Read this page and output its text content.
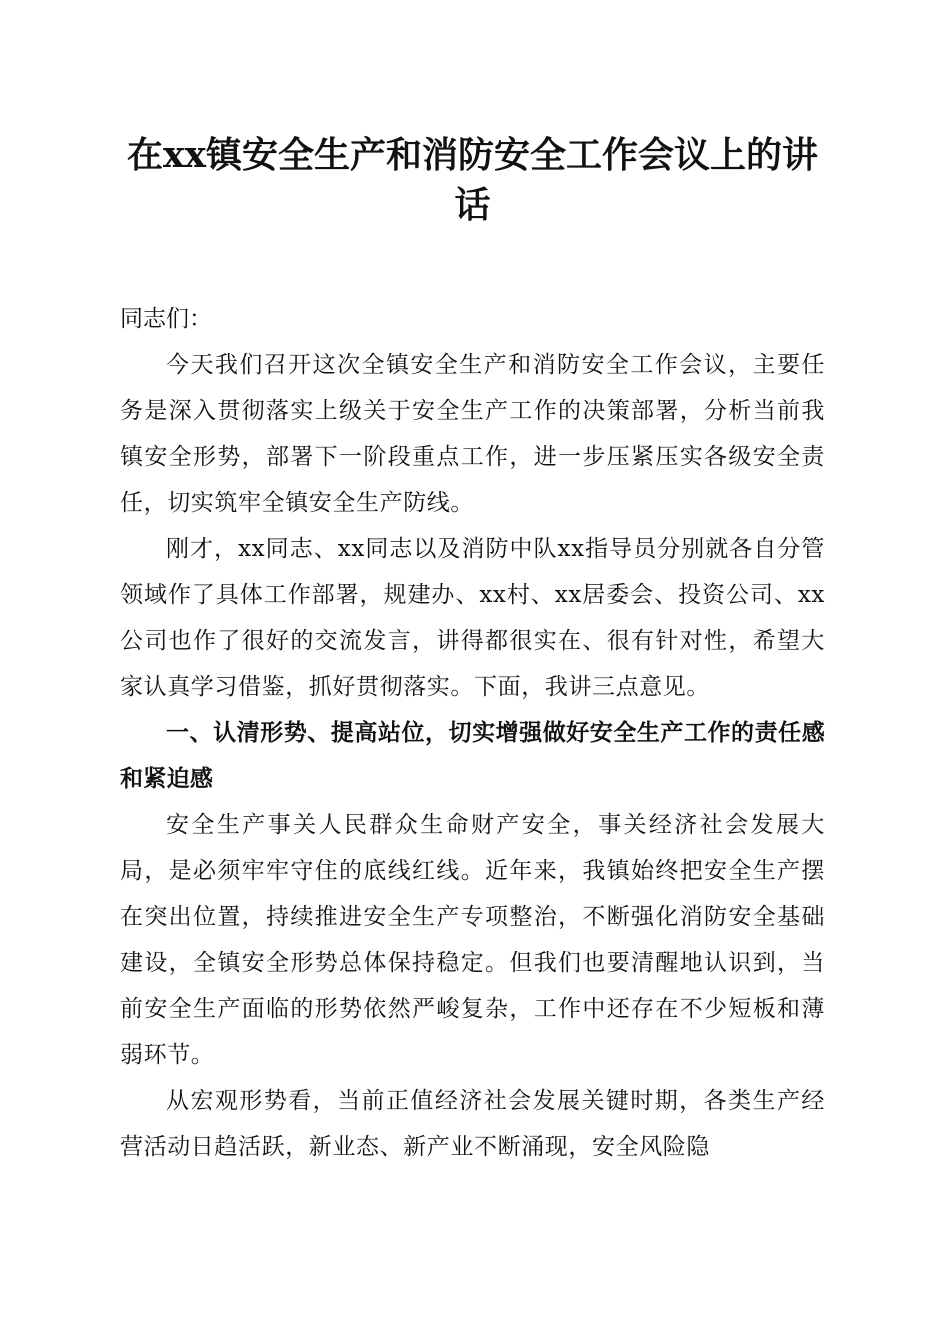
在xx镇安全生产和消防安全工作会议上的讲话
同志们：

今天我们召开这次全镇安全生产和消防安全工作会议，主要任务是深入贯彻落实上级关于安全生产工作的决策部署，分析当前我镇安全形势，部署下一阶段重点工作，进一步压紧压实各级安全责任，切实筑牢全镇安全生产防线。

刚才，xx同志、xx同志以及消防中队xx指导员分别就各自分管领域作了具体工作部署，规建办、xx村、xx居委会、投资公司、xx公司也作了很好的交流发言，讲得都很实在、很有针对性，希望大家认真学习借鉴，抓好贯彻落实。下面，我讲三点意见。

一、认清形势、提高站位，切实增强做好安全生产工作的责任感和紧迫感

安全生产事关人民群众生命财产安全，事关经济社会发展大局，是必须牢牢守住的底线红线。近年来，我镇始终把安全生产摆在突出位置，持续推进安全生产专项整治，不断强化消防安全基础建设，全镇安全形势总体保持稳定。但我们也要清醒地认识到，当前安全生产面临的形势依然严峻复杂，工作中还存在不少短板和薄弱环节。

从宏观形势看，当前正值经济社会发展关键时期，各类生产经营活动日趋活跃，新业态、新产业不断涌现，安全风险隐
